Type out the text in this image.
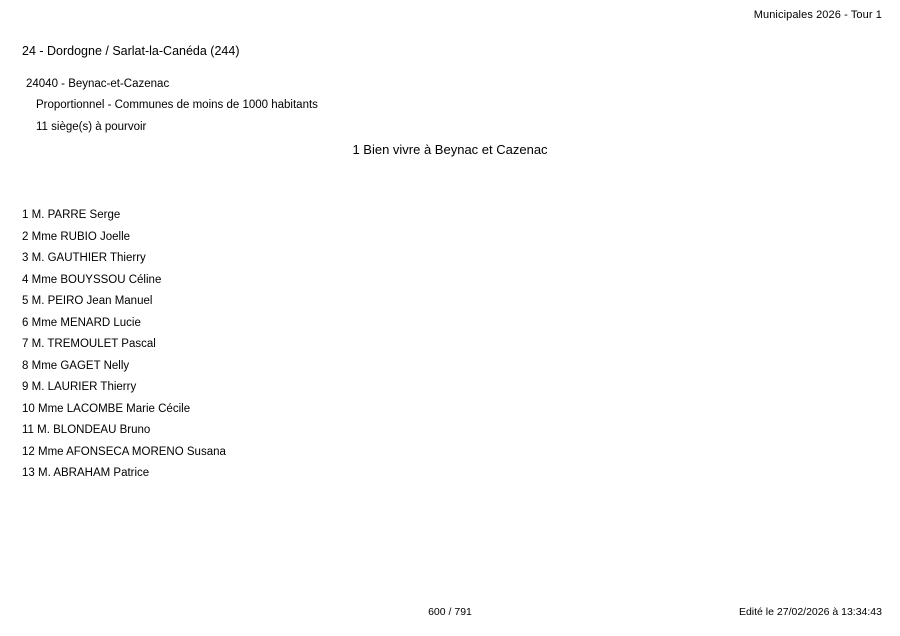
Municipales 2026 - Tour 1
24 - Dordogne / Sarlat-la-Canéda (244)
24040 - Beynac-et-Cazenac
Proportionnel - Communes de moins de 1000 habitants
11 siège(s) à pourvoir
1 Bien vivre à Beynac et Cazenac
1 M. PARRE Serge
2 Mme RUBIO Joelle
3 M. GAUTHIER Thierry
4 Mme BOUYSSOU Céline
5 M. PEIRO Jean Manuel
6 Mme MENARD Lucie
7 M. TREMOULET Pascal
8 Mme GAGET Nelly
9 M. LAURIER Thierry
10 Mme LACOMBE Marie Cécile
11 M. BLONDEAU Bruno
12 Mme AFONSECA MORENO Susana
13 M. ABRAHAM Patrice
600 / 791	Edité le 27/02/2026 à 13:34:43
